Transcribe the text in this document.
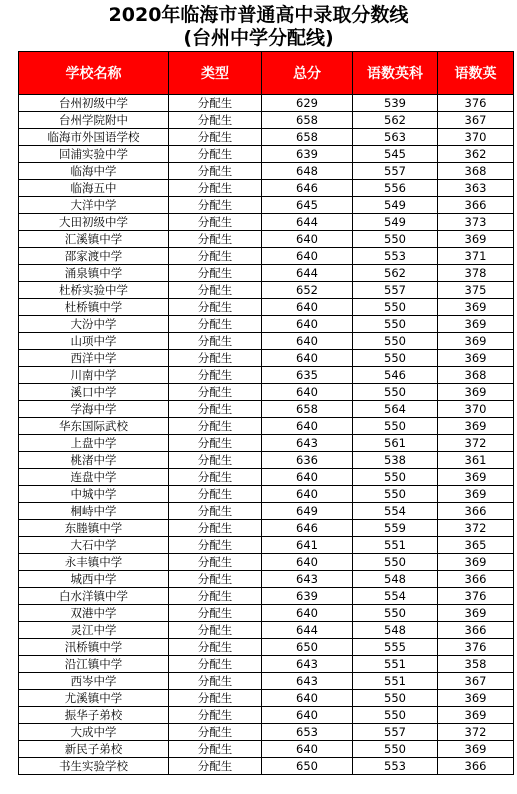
2020年临海市普通高中录取分数线
(台州中学分配线)
学校名称	类型	总分	语数英科	语数英
台州初级中学	分配生	629	539	376
台州学院附中	分配生	658	562	367
临海市外国语学校	分配生	658	563	370
回浦实验中学	分配生	639	545	362
临海中学	分配生	648	557	368
临海五中	分配生	646	556	363
大洋中学	分配生	645	549	366
大田初级中学	分配生	644	549	373
汇溪镇中学	分配生	640	550	369
邵家渡中学	分配生	640	553	371
涌泉镇中学	分配生	644	562	378
杜桥实验中学	分配生	652	557	375
杜桥镇中学	分配生	640	550	369
大汾中学	分配生	640	550	369
山项中学	分配生	640	550	369
西洋中学	分配生	640	550	369
川南中学	分配生	635	546	368
溪口中学	分配生	640	550	369
学海中学	分配生	658	564	370
华东国际武校	分配生	640	550	369
上盘中学	分配生	643	561	372
桃渚中学	分配生	636	538	361
连盘中学	分配生	640	550	369
中城中学	分配生	640	550	369
桐峙中学	分配生	649	554	366
东塍镇中学	分配生	646	559	372
大石中学	分配生	641	551	365
永丰镇中学	分配生	640	550	369
城西中学	分配生	643	548	366
白水洋镇中学	分配生	639	554	376
双港中学	分配生	640	550	369
灵江中学	分配生	644	548	366
汛桥镇中学	分配生	650	555	376
沿江镇中学	分配生	643	551	358
西岑中学	分配生	643	551	367
尤溪镇中学	分配生	640	550	369
振华子弟校	分配生	640	550	369
大成中学	分配生	653	557	372
新民子弟校	分配生	640	550	369
书生实验学校	分配生	650	553	366
